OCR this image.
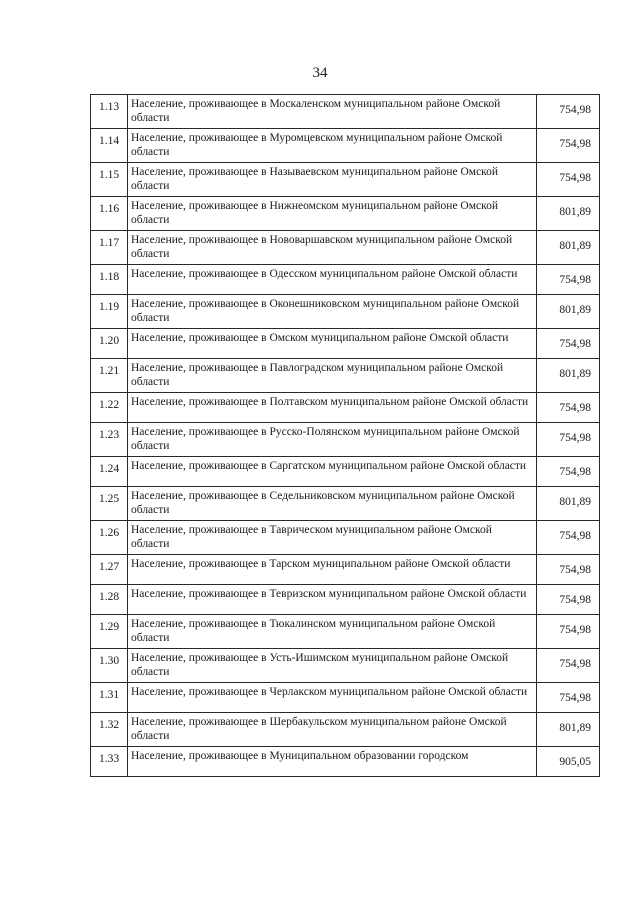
34
1.13	Население, проживающее в Москаленском муниципальном районе Омской области	754,98
1.14	Население, проживающее в Муромцевском муниципальном районе Омской области	754,98
1.15	Население, проживающее в Называевском муниципальном районе Омской области	754,98
1.16	Население, проживающее в Нижнеомском муниципальном районе Омской области	801,89
1.17	Население, проживающее в Нововаршавском муниципальном районе Омской области	801,89
1.18	Население, проживающее в Одесском муниципальном районе Омской области	754,98
1.19	Население, проживающее в Оконешниковском муниципальном районе Омской области	801,89
1.20	Население, проживающее в Омском муниципальном районе Омской области	754,98
1.21	Население, проживающее в Павлоградском муниципальном районе Омской области	801,89
1.22	Население, проживающее в Полтавском муниципальном районе Омской области	754,98
1.23	Население, проживающее в Русско-Полянском муниципальном районе Омской области	754,98
1.24	Население, проживающее в Саргатском муниципальном районе Омской области	754,98
1.25	Население, проживающее в Седельниковском муниципальном районе Омской области	801,89
1.26	Население, проживающее в Таврическом муниципальном районе Омской области	754,98
1.27	Население, проживающее в Тарском муниципальном районе Омской области	754,98
1.28	Население, проживающее в Тевризском муниципальном районе Омской области	754,98
1.29	Население, проживающее в Тюкалинском муниципальном районе Омской области	754,98
1.30	Население, проживающее в Усть-Ишимском муниципальном районе Омской области	754,98
1.31	Население, проживающее в Черлакском муниципальном районе Омской области	754,98
1.32	Население, проживающее в Шербакульском муниципальном районе Омской области	801,89
1.33	Население, проживающее в Муниципальном образовании городском	905,05
